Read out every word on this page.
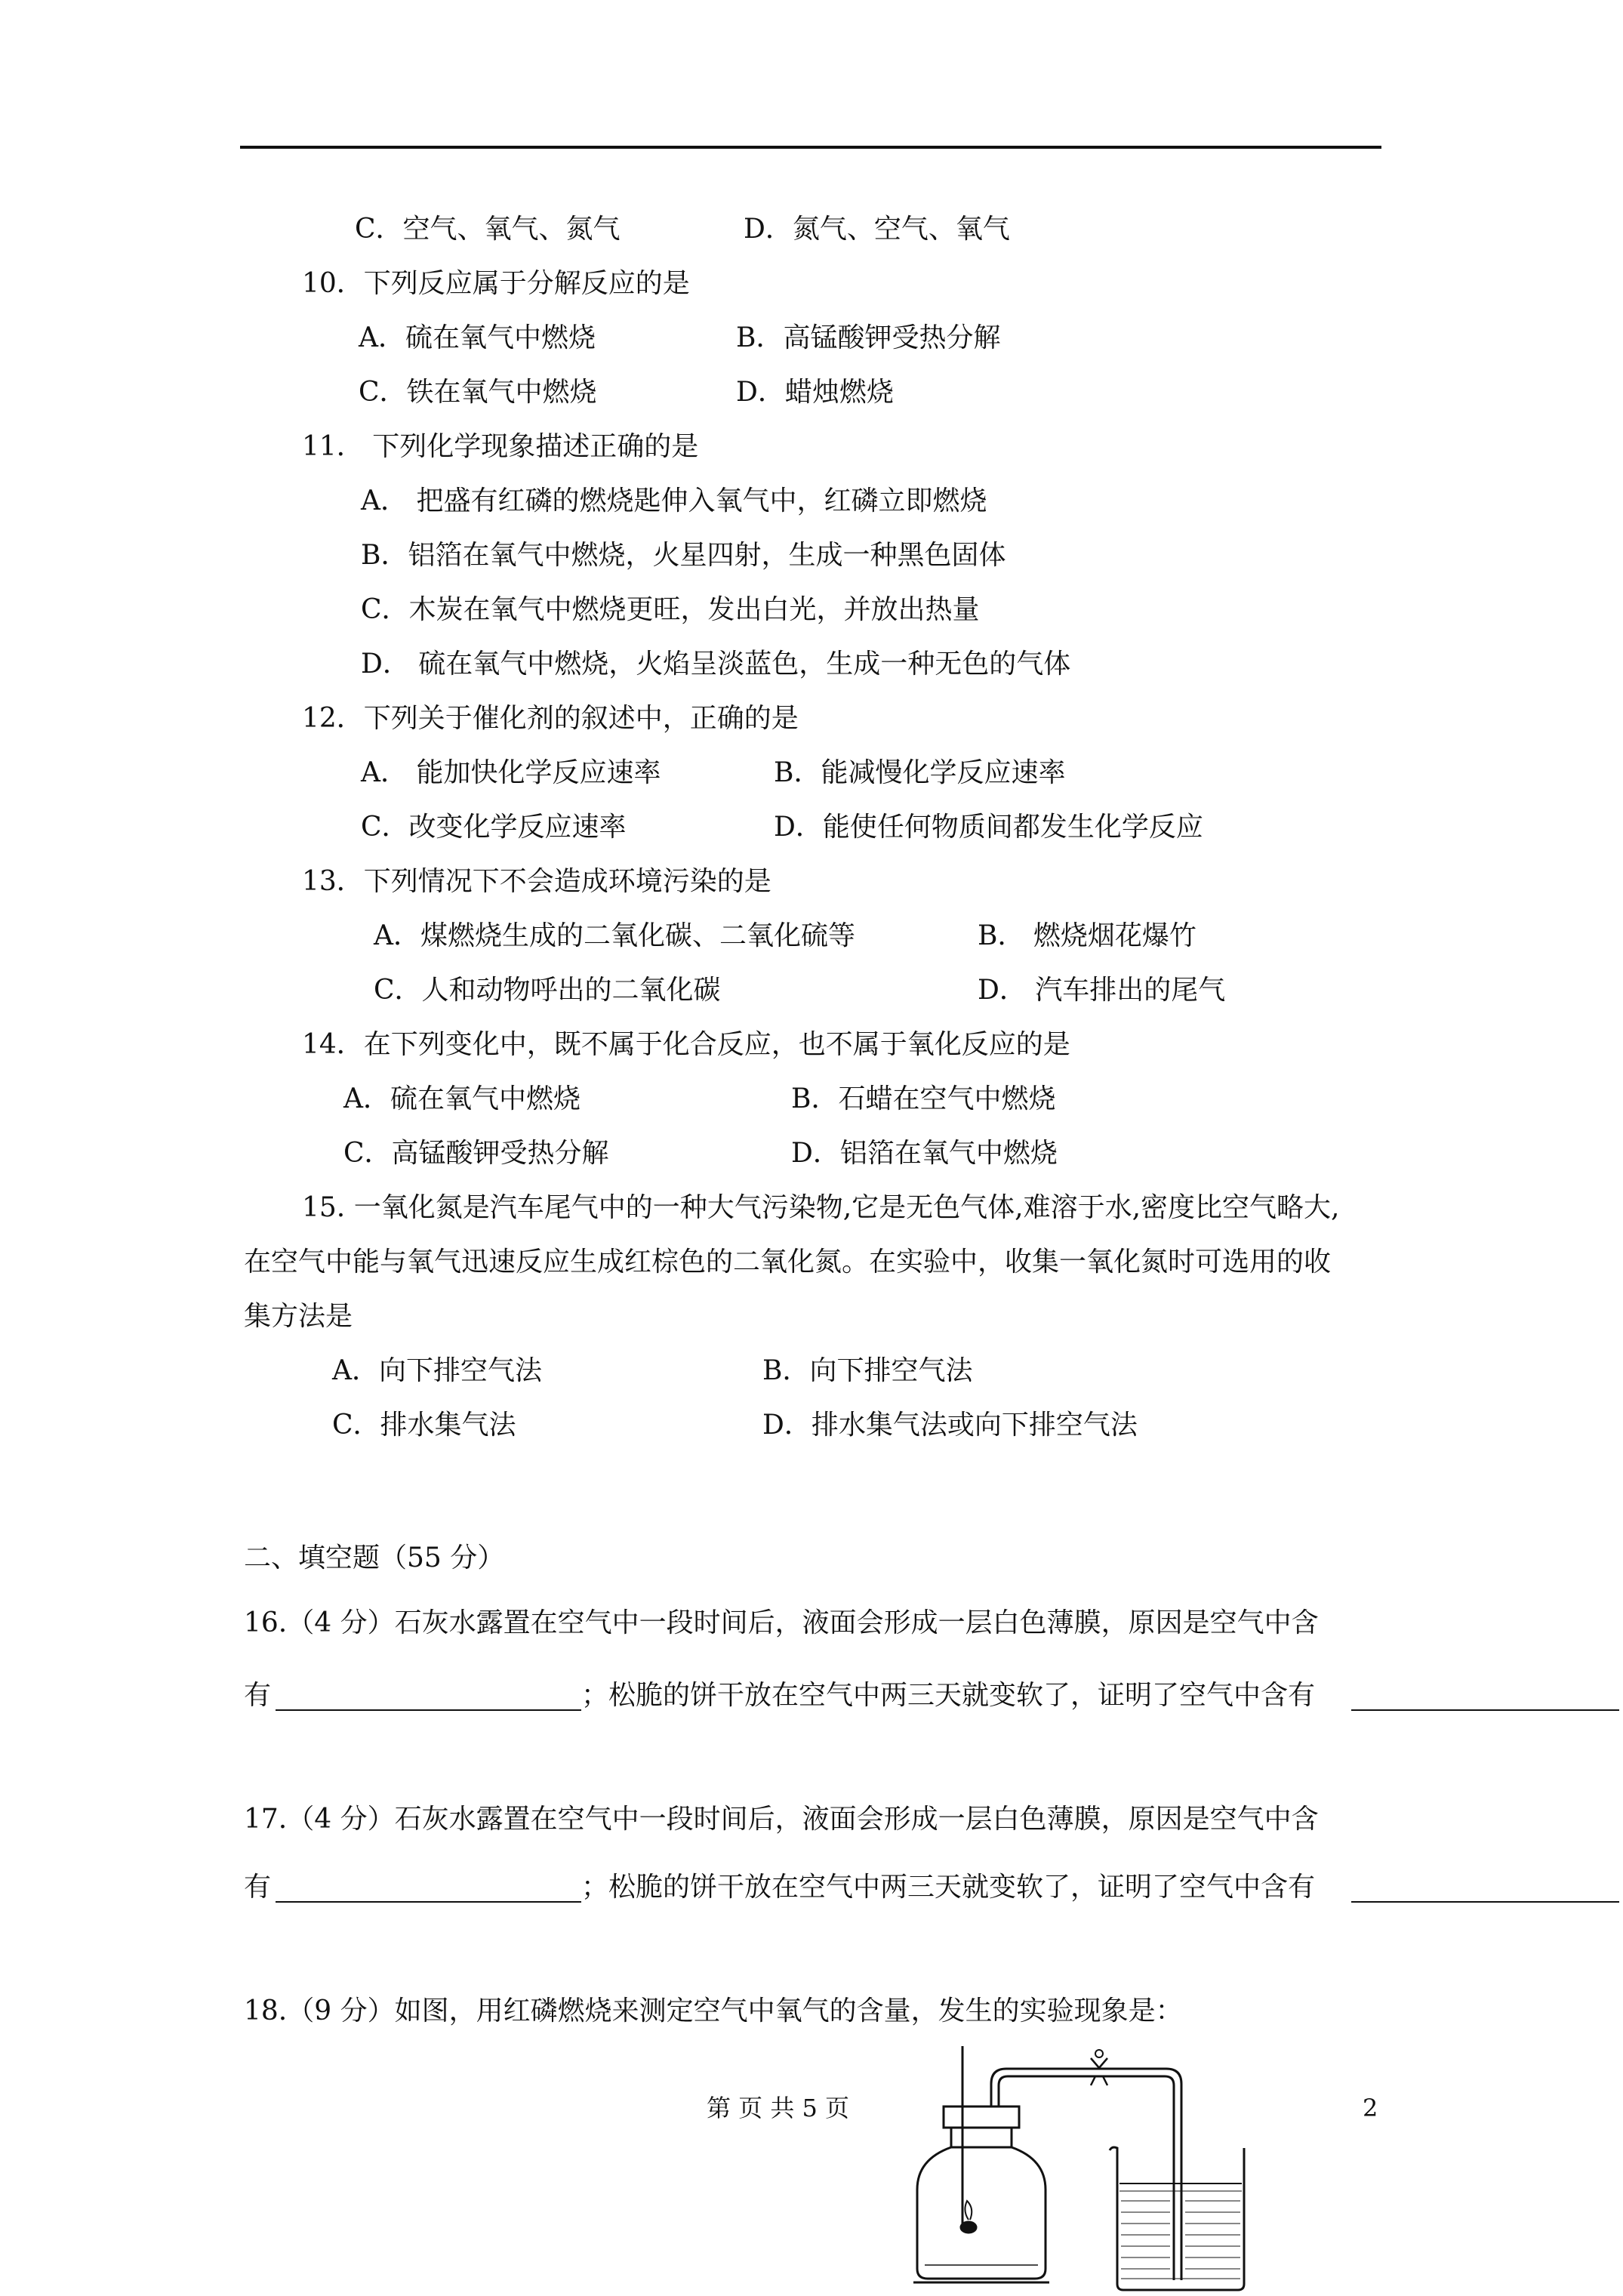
C．空气、氧气、氮气	D．氮气、空气、氧气
10．下列反应属于分解反应的是
A．硫在氧气中燃烧	B．高锰酸钾受热分解
C．铁在氧气中燃烧	D．蜡烛燃烧
11． 下列化学现象描述正确的是
A． 把盛有红磷的燃烧匙伸入氧气中，红磷立即燃烧
B．铝箔在氧气中燃烧，火星四射，生成一种黑色固体
C．木炭在氧气中燃烧更旺，发出白光，并放出热量
D． 硫在氧气中燃烧，火焰呈淡蓝色，生成一种无色的气体
12．下列关于催化剂的叙述中，正确的是
A． 能加快化学反应速率	B．能减慢化学反应速率
C．改变化学反应速率	D．能使任何物质间都发生化学反应
13．下列情况下不会造成环境污染的是
A．煤燃烧生成的二氧化碳、二氧化硫等	B． 燃烧烟花爆竹
C．人和动物呼出的二氧化碳	D． 汽车排出的尾气
14．在下列变化中，既不属于化合反应，也不属于氧化反应的是
A．硫在氧气中燃烧	B．石蜡在空气中燃烧
C．高锰酸钾受热分解	D．铝箔在氧气中燃烧
15. 一氧化氮是汽车尾气中的一种大气污染物,它是无色气体,难溶于水,密度比空气略大,
在空气中能与氧气迅速反应生成红棕色的二氧化氮。在实验中，收集一氧化氮时可选用的收
集方法是
A．向下排空气法	B．向下排空气法
C．排水集气法	D．排水集气法或向下排空气法
二、填空题（55 分）
16.（4 分）石灰水露置在空气中一段时间后，液面会形成一层白色薄膜，原因是空气中含
有	；松脆的饼干放在空气中两三天就变软了，证明了空气中含有
17.（4 分）石灰水露置在空气中一段时间后，液面会形成一层白色薄膜，原因是空气中含
有	；松脆的饼干放在空气中两三天就变软了，证明了空气中含有
18.（9 分）如图，用红磷燃烧来测定空气中氧气的含量，发生的实验现象是：
第 页 共 5 页	2
